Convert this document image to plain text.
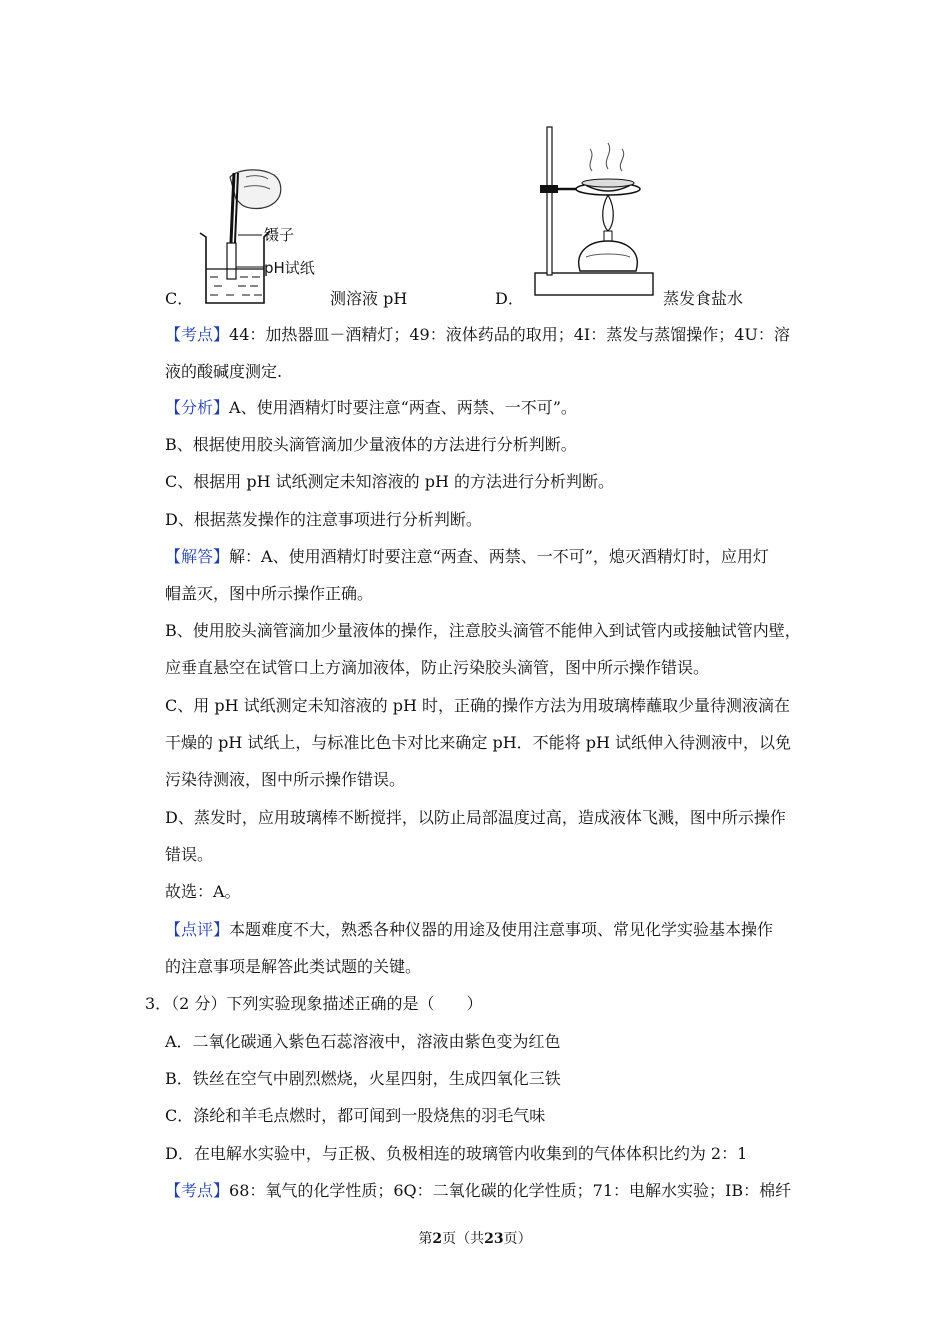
镊子
pH试纸
C．	测溶液 pH	D．	蒸发食盐水
【考点】44：加热器皿－酒精灯；49：液体药品的取用；4I：蒸发与蒸馏操作；4U：溶
液的酸碱度测定.
【分析】A、使用酒精灯时要注意“两查、两禁、一不可”。
B、根据使用胶头滴管滴加少量液体的方法进行分析判断。
C、根据用 pH 试纸测定未知溶液的 pH 的方法进行分析判断。
D、根据蒸发操作的注意事项进行分析判断。
【解答】解：A、使用酒精灯时要注意“两查、两禁、一不可”，熄灭酒精灯时，应用灯
帽盖灭，图中所示操作正确。
B、使用胶头滴管滴加少量液体的操作，注意胶头滴管不能伸入到试管内或接触试管内壁，
应垂直悬空在试管口上方滴加液体，防止污染胶头滴管，图中所示操作错误。
C、用 pH 试纸测定未知溶液的 pH 时，正确的操作方法为用玻璃棒蘸取少量待测液滴在
干燥的 pH 试纸上，与标准比色卡对比来确定 pH．不能将 pH 试纸伸入待测液中，以免
污染待测液，图中所示操作错误。
D、蒸发时，应用玻璃棒不断搅拌，以防止局部温度过高，造成液体飞溅，图中所示操作
错误。
故选：A。
【点评】本题难度不大，熟悉各种仪器的用途及使用注意事项、常见化学实验基本操作
的注意事项是解答此类试题的关键。
3．（2 分）下列实验现象描述正确的是（　　）
A．二氧化碳通入紫色石蕊溶液中，溶液由紫色变为红色
B．铁丝在空气中剧烈燃烧，火星四射，生成四氧化三铁
C．涤纶和羊毛点燃时，都可闻到一股烧焦的羽毛气味
D．在电解水实验中，与正极、负极相连的玻璃管内收集到的气体体积比约为 2：1
【考点】68：氧气的化学性质；6Q：二氧化碳的化学性质；71：电解水实验；IB：棉纤
第2页（共23页）
